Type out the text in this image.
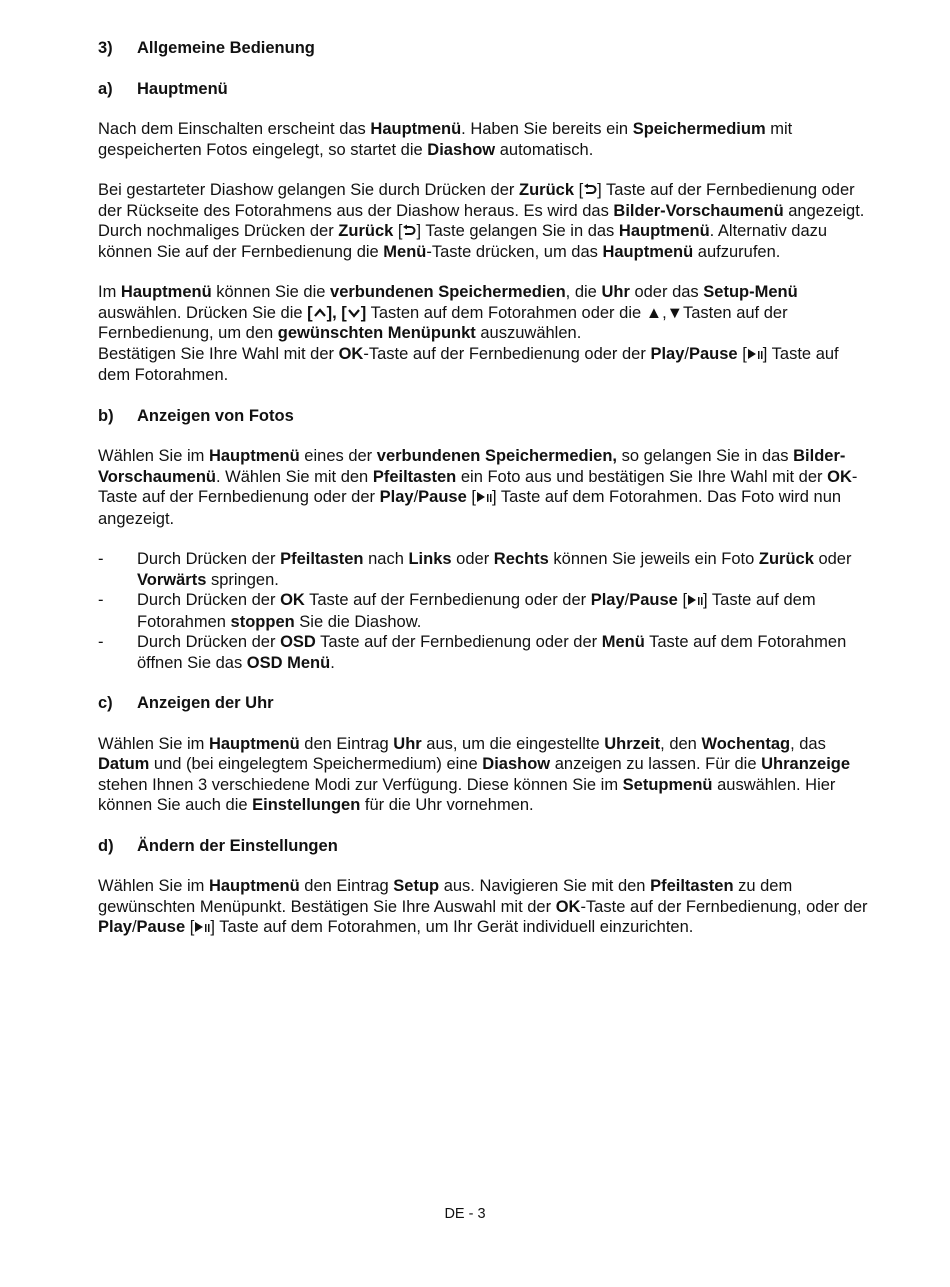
3)	Allgemeine Bedienung
a)	Hauptmenü

Nach dem Einschalten erscheint das Hauptmenü. Haben Sie bereits ein Speichermedium mit gespeicherten Fotos eingelegt, so startet die Diashow automatisch.

Bei gestarteter Diashow gelangen Sie durch Drücken der Zurück [ ] Taste auf der Fernbedienung oder der Rückseite des Fotorahmens aus der Diashow heraus. Es wird das Bilder-Vorschaumenü angezeigt. Durch nochmaliges Drücken der Zurück [ ] Taste gelangen Sie in das Hauptmenü. Alternativ dazu können Sie auf der Fernbedienung die Menü-Taste drücken, um das Hauptmenü aufzurufen.

Im Hauptmenü können Sie die verbundenen Speichermedien, die Uhr oder das Setup-Menü auswählen. Drücken Sie die [ ], [ ] Tasten auf dem Fotorahmen oder die ▲,▼Tasten auf der Fernbedienung, um den gewünschten Menüpunkt auszuwählen.

Bestätigen Sie Ihre Wahl mit der OK-Taste auf der Fernbedienung oder der Play/Pause [ ] Taste auf dem Fotorahmen.

b)	Anzeigen von Fotos

Wählen Sie im Hauptmenü eines der verbundenen Speichermedien, so gelangen Sie in das Bilder-Vorschaumenü. Wählen Sie mit den Pfeiltasten ein Foto aus und bestätigen Sie Ihre Wahl mit der OK-Taste auf der Fernbedienung oder der Play/Pause [ ] Taste auf dem Fotorahmen. Das Foto wird nun angezeigt.

-	Durch Drücken der Pfeiltasten nach Links oder Rechts können Sie jeweils ein Foto Zurück oder Vorwärts springen.
-	Durch Drücken der OK Taste auf der Fernbedienung oder der Play/Pause [ ] Taste auf dem Fotorahmen stoppen Sie die Diashow.
-	Durch Drücken der OSD Taste auf der Fernbedienung oder der Menü Taste auf dem Fotorahmen öffnen Sie das OSD Menü.
c)	Anzeigen der Uhr

Wählen Sie im Hauptmenü den Eintrag Uhr aus, um die eingestellte Uhrzeit, den Wochentag, das Datum und (bei eingelegtem Speichermedium) eine Diashow anzeigen zu lassen. Für die Uhranzeige stehen Ihnen 3 verschiedene Modi zur Verfügung. Diese können Sie im Setupmenü auswählen. Hier können Sie auch die Einstellungen für die Uhr vornehmen.

d)	Ändern der Einstellungen

Wählen Sie im Hauptmenü den Eintrag Setup aus. Navigieren Sie mit den Pfeiltasten zu dem gewünschten Menüpunkt. Bestätigen Sie Ihre Auswahl mit der OK-Taste auf der Fernbedienung, oder der Play/Pause [ ] Taste auf dem Fotorahmen, um Ihr Gerät individuell einzurichten.

DE - 3
